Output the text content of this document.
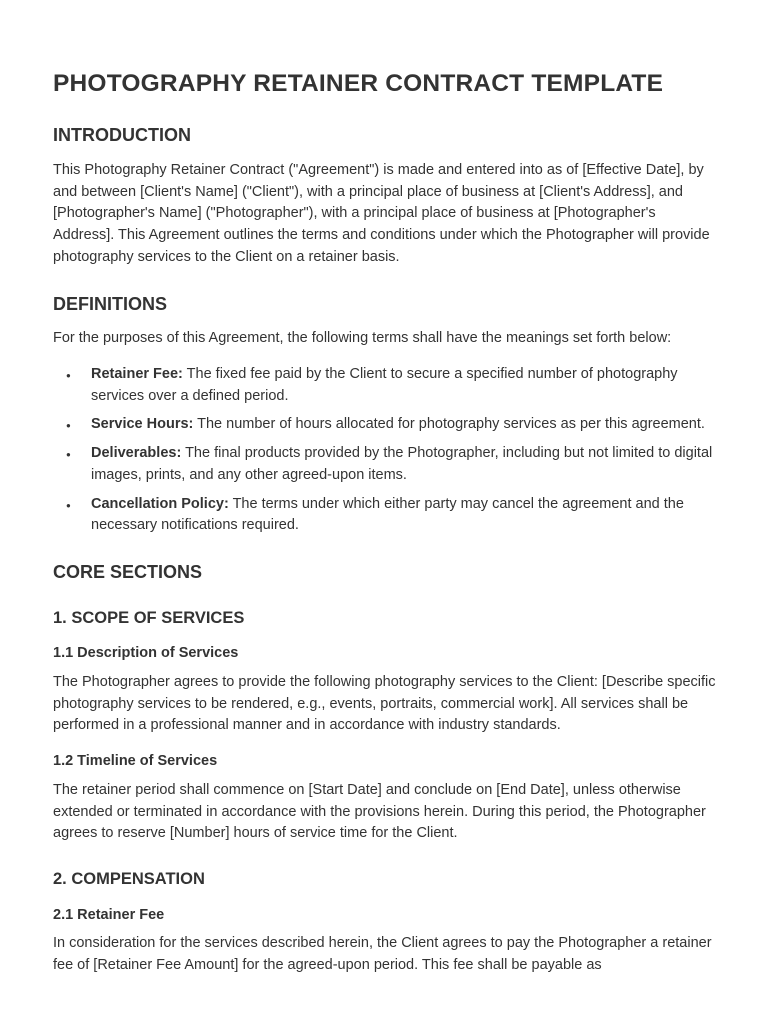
PHOTOGRAPHY RETAINER CONTRACT TEMPLATE
INTRODUCTION

This Photography Retainer Contract ("Agreement") is made and entered into as of [Effective Date], by and between [Client's Name] ("Client"), with a principal place of business at [Client's Address], and [Photographer's Name] ("Photographer"), with a principal place of business at [Photographer's Address]. This Agreement outlines the terms and conditions under which the Photographer will provide photography services to the Client on a retainer basis.

DEFINITIONS

For the purposes of this Agreement, the following terms shall have the meanings set forth below:

● Retainer Fee: The fixed fee paid by the Client to secure a specified number of photography services over a defined period.
● Service Hours: The number of hours allocated for photography services as per this agreement.
● Deliverables: The final products provided by the Photographer, including but not limited to digital images, prints, and any other agreed-upon items.
● Cancellation Policy: The terms under which either party may cancel the agreement and the necessary notifications required.
CORE SECTIONS
1. SCOPE OF SERVICES
1.1 Description of Services

The Photographer agrees to provide the following photography services to the Client: [Describe specific photography services to be rendered, e.g., events, portraits, commercial work]. All services shall be performed in a professional manner and in accordance with industry standards.

1.2 Timeline of Services

The retainer period shall commence on [Start Date] and conclude on [End Date], unless otherwise extended or terminated in accordance with the provisions herein. During this period, the Photographer agrees to reserve [Number] hours of service time for the Client.

2. COMPENSATION
2.1 Retainer Fee

In consideration for the services described herein, the Client agrees to pay the Photographer a retainer fee of [Retainer Fee Amount] for the agreed-upon period. This fee shall be payable as
